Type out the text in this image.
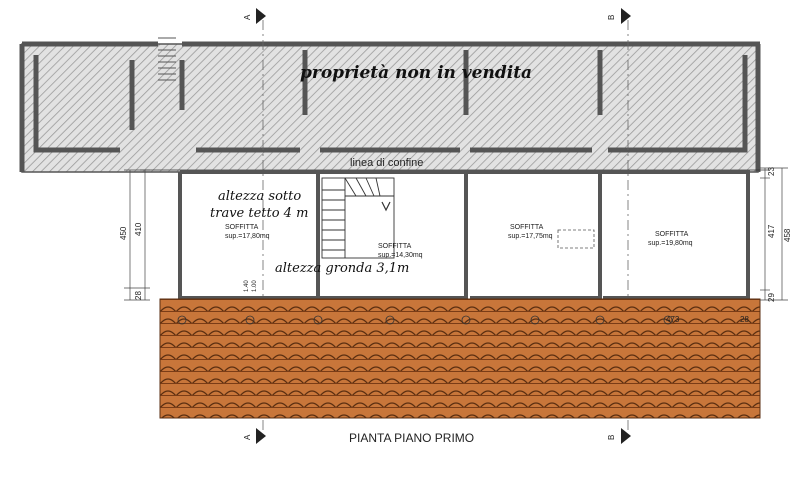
proprietà non in vendita
linea di confine
SOFFITTA
sup.=17,80mq
SOFFITTA
sup.=14,30mq
SOFFITTA
sup.=17,75mq	SOFFITTA
sup.=19,80mq
altezza sotto
trave tetto 4 m
altezza gronda 3,1m
473	28
450 410
28
23
417 458
29
1.40 1.00
A	B
A	B
PIANTA PIANO PRIMO
